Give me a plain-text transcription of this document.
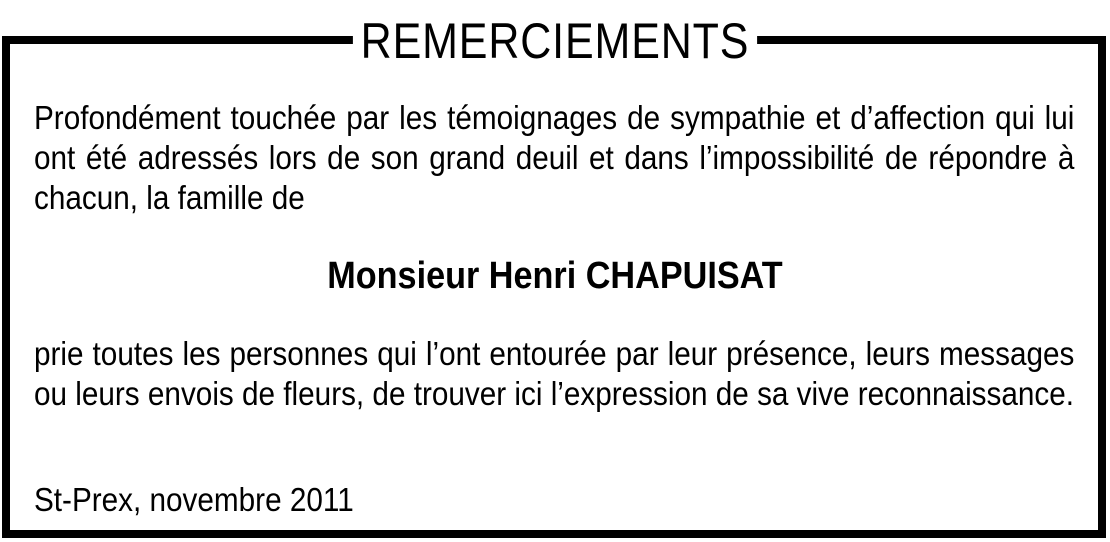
REMERCIEMENTS
Profondément touchée par les témoignages de sympathie et d’affection qui lui ont été adressés lors de son grand deuil et dans l’impossibilité de répondre à chacun, la famille de
Monsieur Henri CHAPUISAT
prie toutes les personnes qui l’ont entourée par leur présence, leurs messages ou leurs envois de fleurs, de trouver ici l’expression de sa vive reconnaissance.
St-Prex, novembre 2011
